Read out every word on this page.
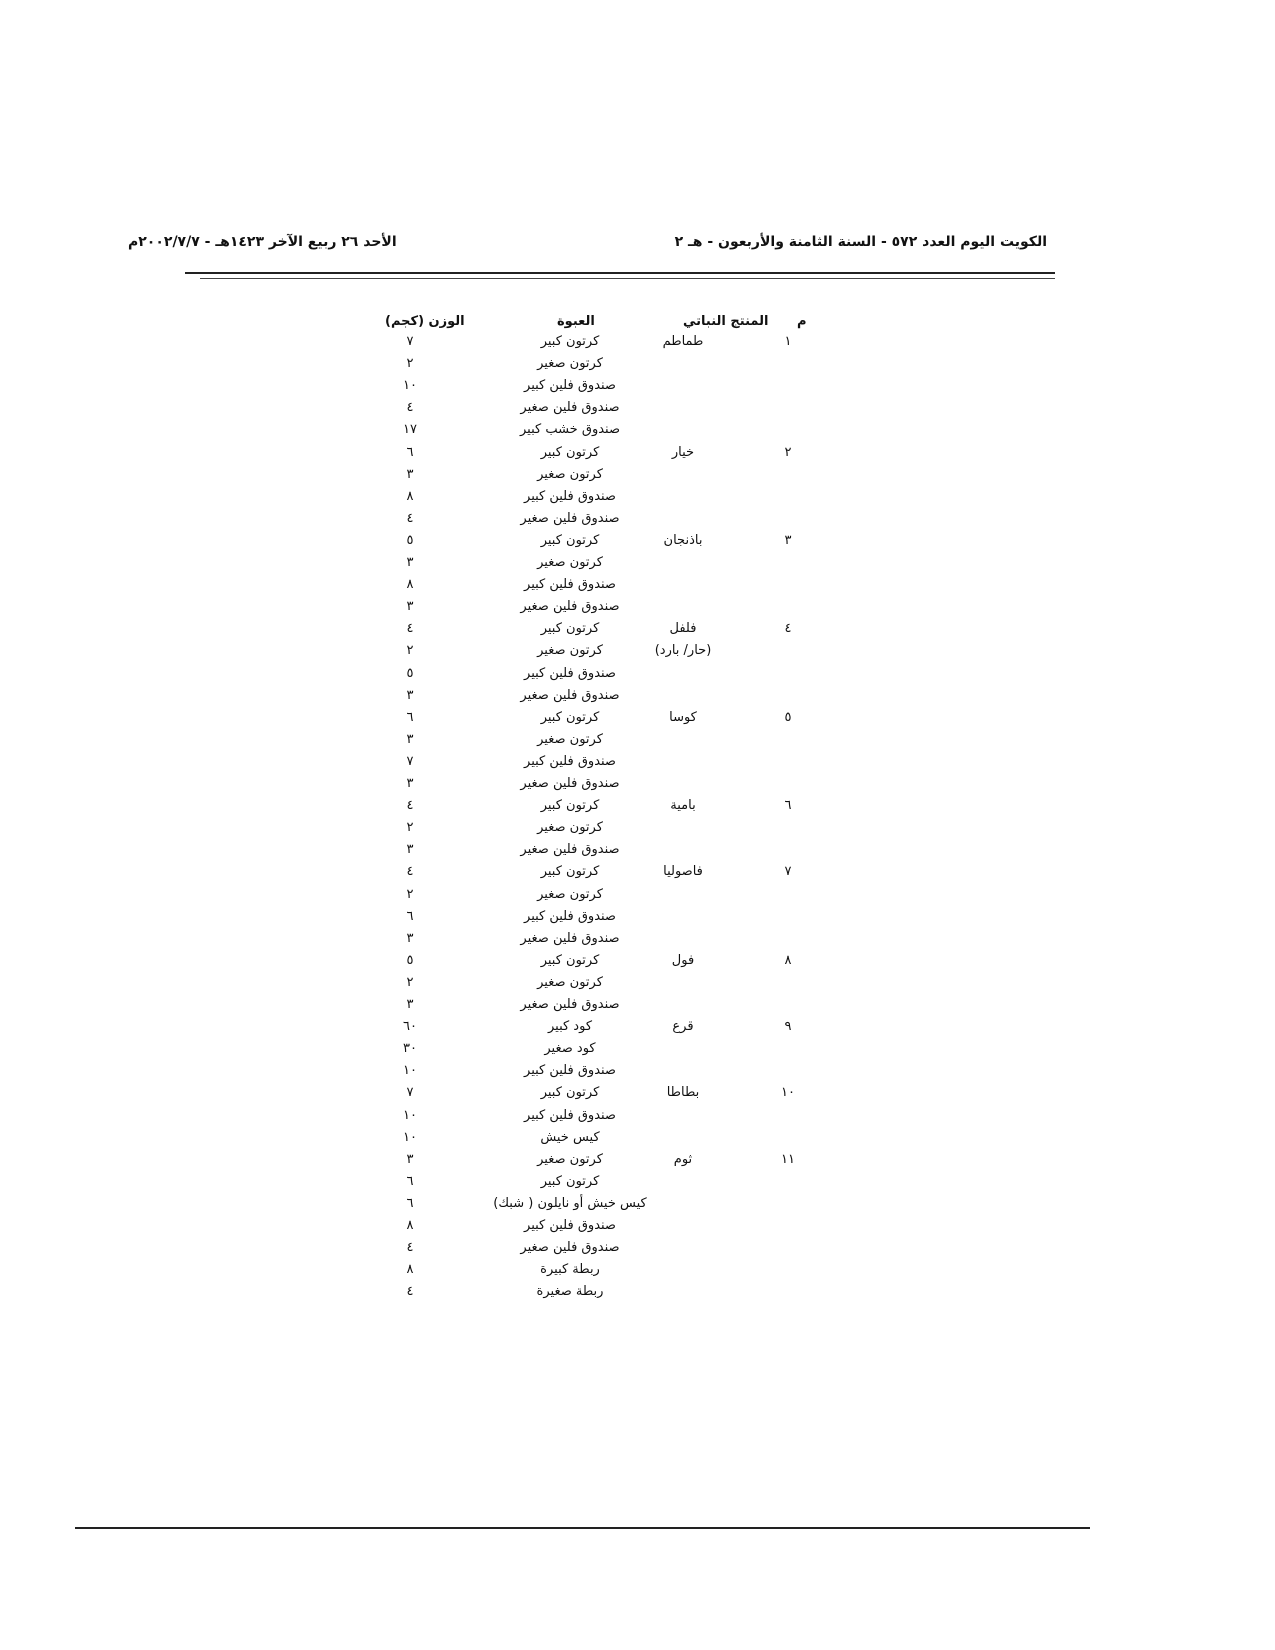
الكويت اليوم العدد ٥٧٢ - السنة الثامنة والأربعون - هـ ٢
الأحد ٢٦ ربيع الآخر ١٤٢٣هـ - ٢٠٠٢/٧/٧م
م
المنتج النباتي
العبوة
الوزن (كجم)
١
طماطم
كرتون كبير
٧
كرتون صغير
٢
صندوق فلين كبير
١٠
صندوق فلين صغير
٤
صندوق خشب كبير
١٧
٢
خيار
كرتون كبير
٦
كرتون صغير
٣
صندوق فلين كبير
٨
صندوق فلين صغير
٤
٣
باذنجان
كرتون كبير
٥
كرتون صغير
٣
صندوق فلين كبير
٨
صندوق فلين صغير
٣
٤
فلفل
كرتون كبير
٤
(حار/ بارد)
كرتون صغير
٢
صندوق فلين كبير
٥
صندوق فلين صغير
٣
٥
كوسا
كرتون كبير
٦
كرتون صغير
٣
صندوق فلين كبير
٧
صندوق فلين صغير
٣
٦
بامية
كرتون كبير
٤
كرتون صغير
٢
صندوق فلين صغير
٣
٧
فاصوليا
كرتون كبير
٤
كرتون صغير
٢
صندوق فلين كبير
٦
صندوق فلين صغير
٣
٨
فول
كرتون كبير
٥
كرتون صغير
٢
صندوق فلين صغير
٣
٩
قرع
كود كبير
٦٠
كود صغير
٣٠
صندوق فلين كبير
١٠
١٠
بطاطا
كرتون كبير
٧
صندوق فلين كبير
١٠
كيس خيش
١٠
١١
ثوم
كرتون صغير
٣
كرتون كبير
٦
كيس خيش أو نايلون ( شبك)
٦
صندوق فلين كبير
٨
صندوق فلين صغير
٤
ربطة كبيرة
٨
ربطة صغيرة
٤
